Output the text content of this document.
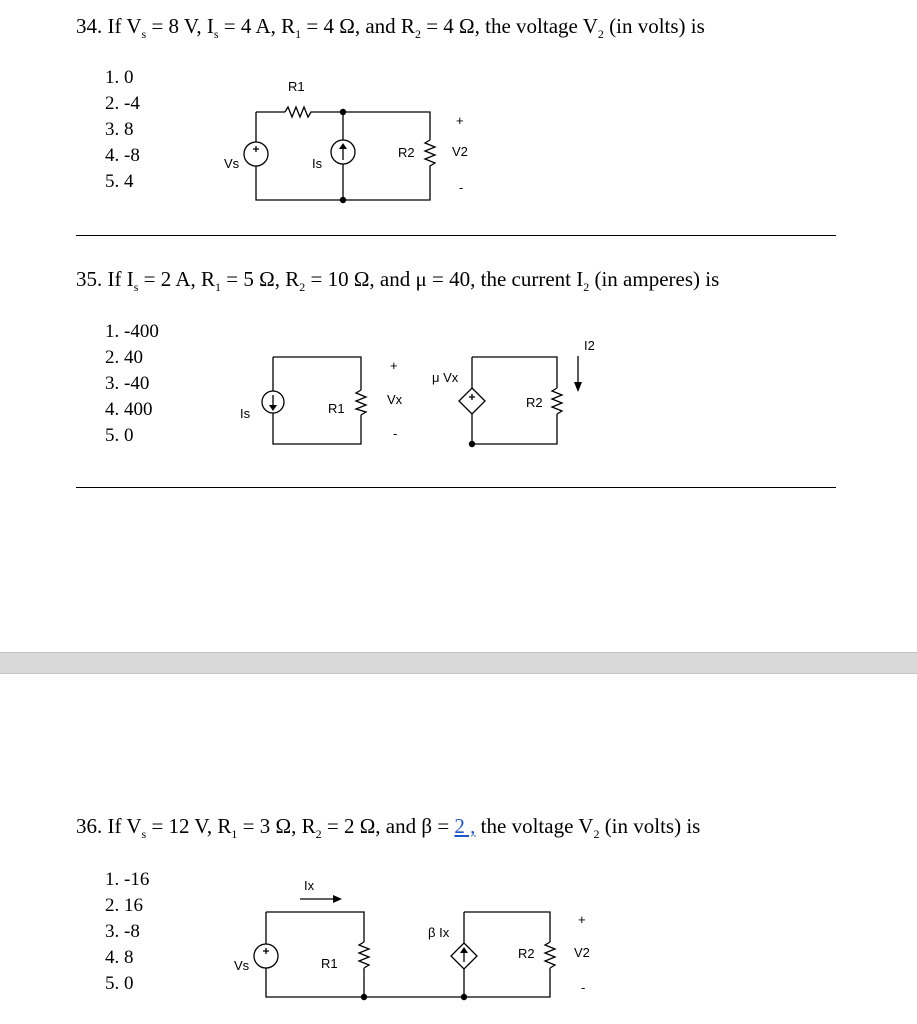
34. If $V_s = 8$ V, $I_s = 4$ A, $R_1 = 4$ Ω, and $R_2 = 4$ Ω, the voltage $V_2$ (in volts) is
1. 0
2. -4
3. 8
4. -8
5. 4
R1
Vs	Is
R2
+
V2
-
35. If $I_s = 2$ A, $R_1 = 5$ Ω, $R_2 = 10$ Ω, and μ = 40, the current $I_2$ (in amperes) is
1. -400
2. 40
3. -40
4. 400
5. 0
Is	R1
+
Vx
-
μ Vx
R2
I2
36. If $V_s = 12$ V, $R_1 = 3$ Ω, $R_2 = 2$ Ω, and β = 2 , the voltage $V_2$ (in volts) is
1. -16
2. 16
3. -8
4. 8
5. 0
Ix
Vs	R1
β Ix
R2
+
V2
-
